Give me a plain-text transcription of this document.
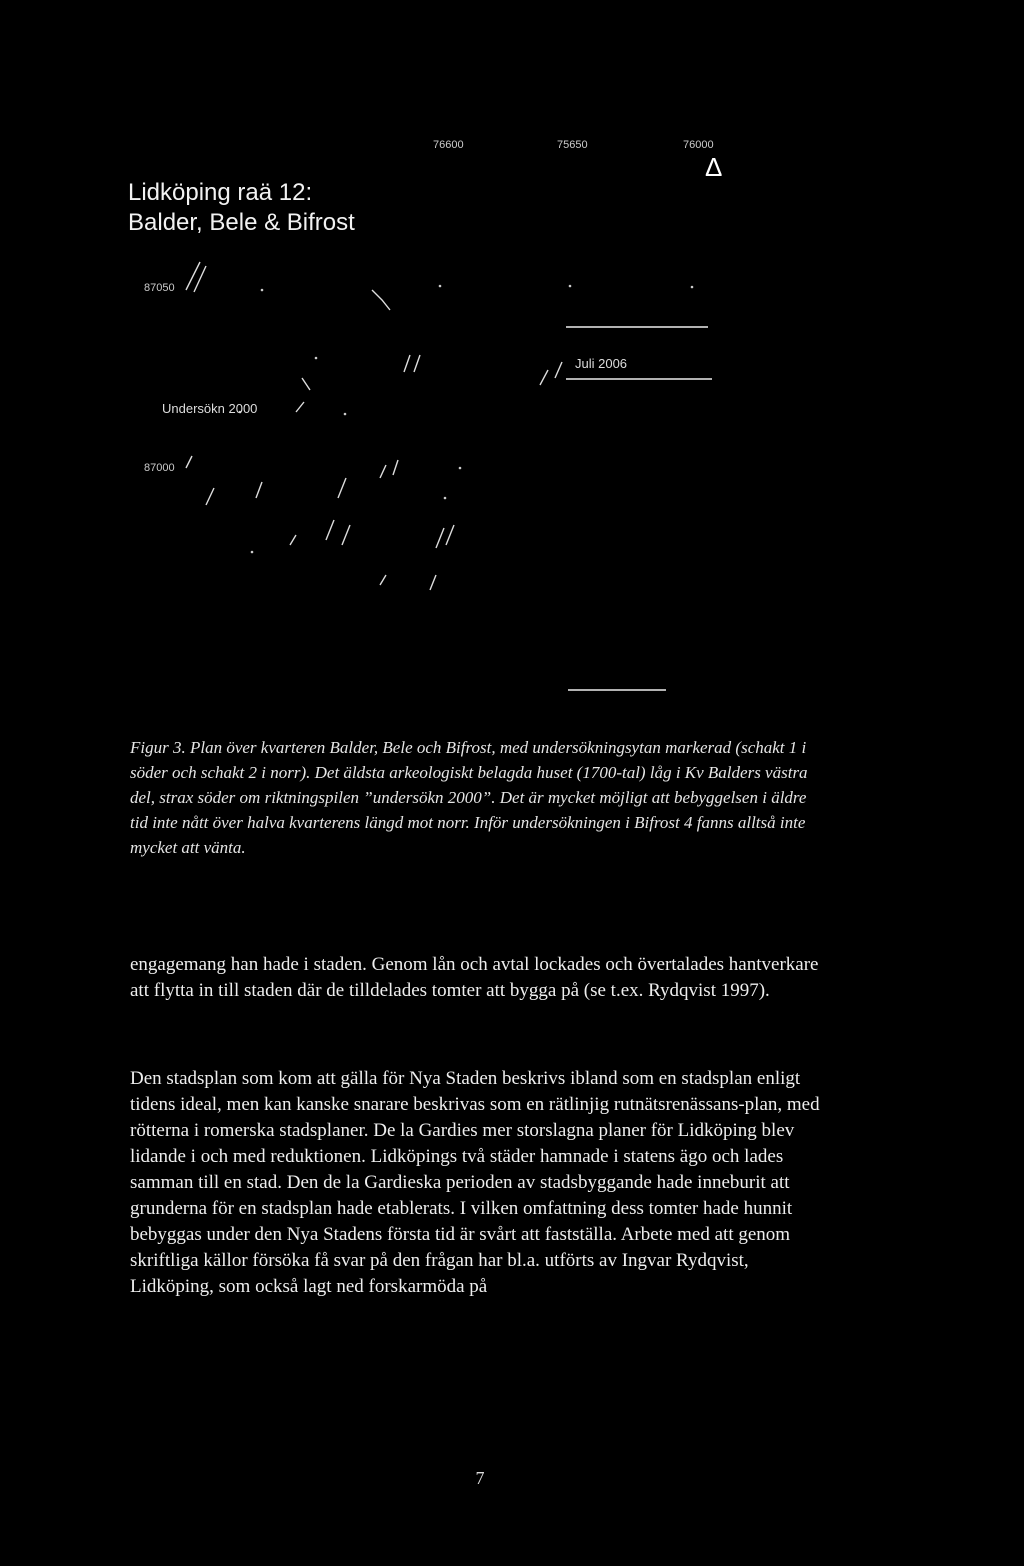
76600	75650	76000
Δ
Lidköping raä 12:
Balder, Bele & Bifrost
87050
87000
Undersökn 2000
Juli 2006
Figur 3. Plan över kvarteren Balder, Bele och Bifrost, med undersökningsytan markerad (schakt 1 i söder och schakt 2 i norr). Det äldsta arkeologiskt belagda huset (1700-tal) låg i Kv Balders västra del, strax söder om riktningspilen ”undersökn 2000”. Det är mycket möjligt att bebyggelsen i äldre tid inte nått över halva kvarterens längd mot norr. Inför undersökningen i Bifrost 4 fanns alltså inte mycket att vänta.
engagemang han hade i staden. Genom lån och avtal lockades och övertalades hantverkare att flytta in till staden där de tilldelades tomter att bygga på (se t.ex. Rydqvist 1997).
Den stadsplan som kom att gälla för Nya Staden beskrivs ibland som en stadsplan enligt tidens ideal, men kan kanske snarare beskrivas som en rätlinjig rutnätsrenässans-plan, med rötterna i romerska stadsplaner. De la Gardies mer storslagna planer för Lidköping blev lidande i och med reduktionen. Lidköpings två städer hamnade i statens ägo och lades samman till en stad. Den de la Gardieska perioden av stadsbyggande hade inneburit att grunderna för en stadsplan hade etablerats. I vilken omfattning dess tomter hade hunnit bebyggas under den Nya Stadens första tid är svårt att fastställa. Arbete med att genom skriftliga källor försöka få svar på den frågan har bl.a. utförts av Ingvar Rydqvist, Lidköping, som också lagt ned forskarmöda på
7
